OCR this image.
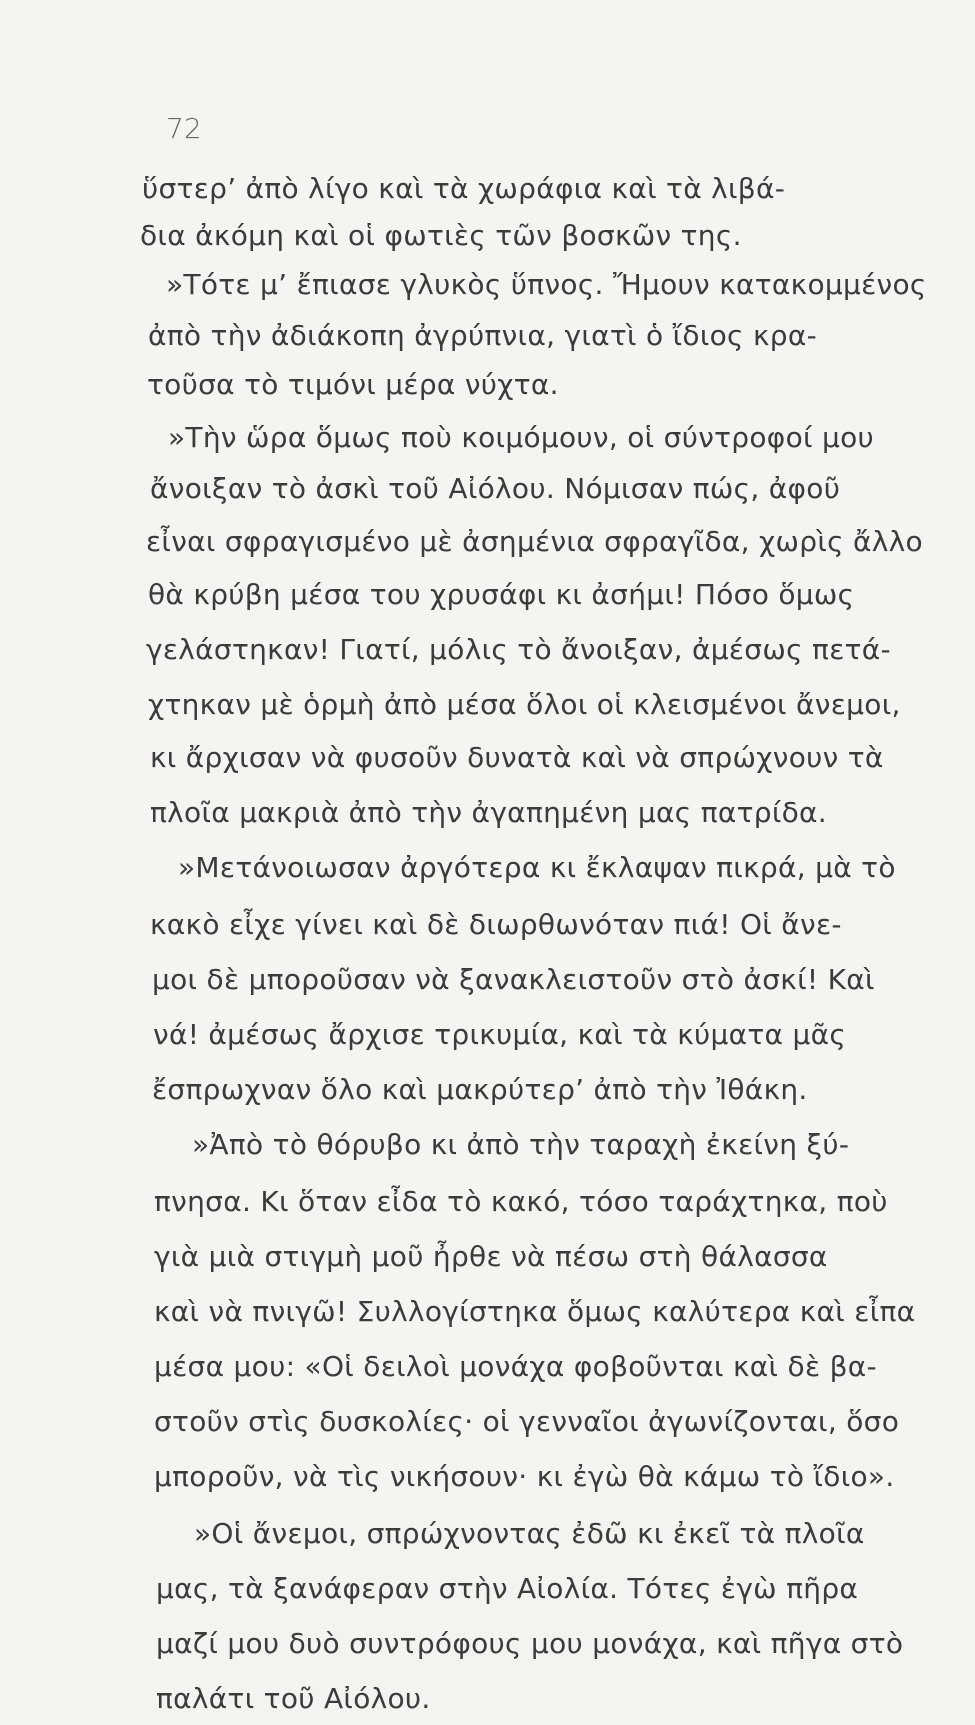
72
ὕστερ’ ἀπὸ λίγο καὶ τὰ χωράφια καὶ τὰ λιβά-
δια ἀκόμη καὶ οἱ φωτιὲς τῶν βοσκῶν της.
»Τότε μ’ ἔπιασε γλυκὸς ὕπνος. Ἤμουν κατακομμένος
ἀπὸ τὴν ἀδιάκοπη ἀγρύπνια, γιατὶ ὁ ἴδιος κρα-
τοῦσα τὸ τιμόνι μέρα νύχτα.
»Τὴν ὥρα ὅμως ποὺ κοιμόμουν, οἱ σύντροφοί μου
ἄνοιξαν τὸ ἀσκὶ τοῦ Αἰόλου. Νόμισαν πώς, ἀφοῦ
εἶναι σφραγισμένο μὲ ἀσημένια σφραγῖδα, χωρὶς ἄλλο
θὰ κρύβη μέσα του χρυσάφι κι ἀσήμι! Πόσο ὅμως
γελάστηκαν! Γιατί, μόλις τὸ ἄνοιξαν, ἀμέσως πετά-
χτηκαν μὲ ὁρμὴ ἀπὸ μέσα ὅλοι οἱ κλεισμένοι ἄνεμοι,
κι ἄρχισαν νὰ φυσοῦν δυνατὰ καὶ νὰ σπρώχνουν τὰ
πλοῖα μακριὰ ἀπὸ τὴν ἀγαπημένη μας πατρίδα.
»Μετάνοιωσαν ἀργότερα κι ἔκλαψαν πικρά, μὰ τὸ
κακὸ εἶχε γίνει καὶ δὲ διωρθωνόταν πιά! Οἱ ἄνε-
μοι δὲ μποροῦσαν νὰ ξανακλειστοῦν στὸ ἀσκί! Καὶ
νά! ἀμέσως ἄρχισε τρικυμία, καὶ τὰ κύματα μᾶς
ἔσπρωχναν ὅλο καὶ μακρύτερ’ ἀπὸ τὴν Ἰθάκη.
»Ἀπὸ τὸ θόρυβο κι ἀπὸ τὴν ταραχὴ ἐκείνη ξύ-
πνησα. Κι ὅταν εἶδα τὸ κακό, τόσο ταράχτηκα, ποὺ
γιὰ μιὰ στιγμὴ μοῦ ἦρθε νὰ πέσω στὴ θάλασσα
καὶ νὰ πνιγῶ! Συλλογίστηκα ὅμως καλύτερα καὶ εἶπα
μέσα μου: «Οἱ δειλοὶ μονάχα φοβοῦνται καὶ δὲ βα-
στοῦν στὶς δυσκολίες· οἱ γενναῖοι ἀγωνίζονται, ὅσο
μποροῦν, νὰ τὶς νικήσουν· κι ἐγὼ θὰ κάμω τὸ ἴδιο».
»Οἱ ἄνεμοι, σπρώχνοντας ἐδῶ κι ἐκεῖ τὰ πλοῖα
μας, τὰ ξανάφεραν στὴν Αἰολία. Τότες ἐγὼ πῆρα
μαζί μου δυὸ συντρόφους μου μονάχα, καὶ πῆγα στὸ
παλάτι τοῦ Αἰόλου.
